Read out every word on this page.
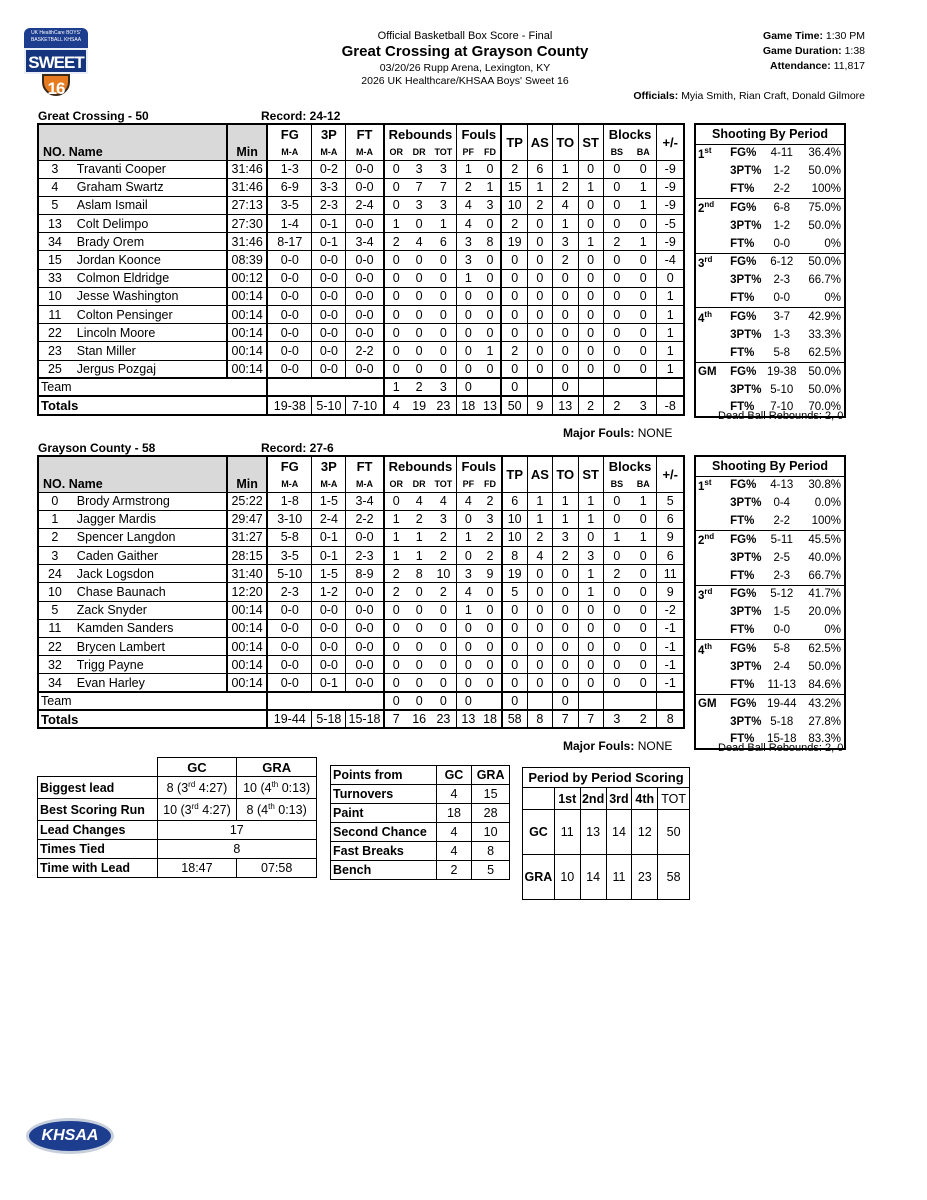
UK HealthCare BOYS' BASKETBALL KHSAA
SWEET 16
Official Basketball Box Score - Final
Great Crossing at Grayson County
03/20/26 Rupp Arena, Lexington, KY
2026 UK Healthcare/KHSAA Boys' Sweet 16
Game Time: 1:30 PM
Game Duration: 1:38
Attendance: 11,817
Officials: Myia Smith, Rian Craft, Donald Gilmore
Great Crossing - 50	Record: 24-12
			FG	3P	FT	Rebounds			Fouls		TP	AS	TO	ST	Blocks		+/-
NO. Name		Min	M-A	M-A	M-A	OR	DR	TOT	PF	FD					BS	BA	
3	Travanti Cooper	31:46	1-3	0-2	0-0	0	3	3	1	0	2	6	1	0	0	0	-9
4	Graham Swartz	31:46	6-9	3-3	0-0	0	7	7	2	1	15	1	2	1	0	1	-9
5	Aslam Ismail	27:13	3-5	2-3	2-4	0	3	3	4	3	10	2	4	0	0	1	-9
13	Colt Delimpo	27:30	1-4	0-1	0-0	1	0	1	4	0	2	0	1	0	0	0	-5
34	Brady Orem	31:46	8-17	0-1	3-4	2	4	6	3	8	19	0	3	1	2	1	-9
15	Jordan Koonce	08:39	0-0	0-0	0-0	0	0	0	3	0	0	0	2	0	0	0	-4
33	Colmon Eldridge	00:12	0-0	0-0	0-0	0	0	0	1	0	0	0	0	0	0	0	0
10	Jesse Washington	00:14	0-0	0-0	0-0	0	0	0	0	0	0	0	0	0	0	0	1
11	Colton Pensinger	00:14	0-0	0-0	0-0	0	0	0	0	0	0	0	0	0	0	0	1
22	Lincoln Moore	00:14	0-0	0-0	0-0	0	0	0	0	0	0	0	0	0	0	0	1
23	Stan Miller	00:14	0-0	0-0	2-2	0	0	0	0	1	2	0	0	0	0	0	1
25	Jergus Pozgaj	00:14	0-0	0-0	0-0	0	0	0	0	0	0	0	0	0	0	0	1
Team						1	2	3	0		0		0				
Totals			19-38	5-10	7-10	4	19	23	18	13	50	9	13	2	2	3	-8
Major Fouls: NONE
Shooting By Period			
1st	FG%	4-11	36.4%
	3PT%	1-2	50.0%
	FT%	2-2	100%
2nd	FG%	6-8	75.0%
	3PT%	1-2	50.0%
	FT%	0-0	0%
3rd	FG%	6-12	50.0%
	3PT%	2-3	66.7%
	FT%	0-0	0%
4th	FG%	3-7	42.9%
	3PT%	1-3	33.3%
	FT%	5-8	62.5%
GM	FG%	19-38	50.0%
	3PT%	5-10	50.0%
	FT%	7-10	70.0%
Dead Ball Rebounds: 2, 0
Grayson County - 58	Record: 27-6
			FG	3P	FT	Rebounds			Fouls		TP	AS	TO	ST	Blocks		+/-
NO. Name		Min	M-A	M-A	M-A	OR	DR	TOT	PF	FD					BS	BA	
0	Brody Armstrong	25:22	1-8	1-5	3-4	0	4	4	4	2	6	1	1	1	0	1	5
1	Jagger Mardis	29:47	3-10	2-4	2-2	1	2	3	0	3	10	1	1	1	0	0	6
2	Spencer Langdon	31:27	5-8	0-1	0-0	1	1	2	1	2	10	2	3	0	1	1	9
3	Caden Gaither	28:15	3-5	0-1	2-3	1	1	2	0	2	8	4	2	3	0	0	6
24	Jack Logsdon	31:40	5-10	1-5	8-9	2	8	10	3	9	19	0	0	1	2	0	11
10	Chase Baunach	12:20	2-3	1-2	0-0	2	0	2	4	0	5	0	0	1	0	0	9
5	Zack Snyder	00:14	0-0	0-0	0-0	0	0	0	1	0	0	0	0	0	0	0	-2
11	Kamden Sanders	00:14	0-0	0-0	0-0	0	0	0	0	0	0	0	0	0	0	0	-1
22	Brycen Lambert	00:14	0-0	0-0	0-0	0	0	0	0	0	0	0	0	0	0	0	-1
32	Trigg Payne	00:14	0-0	0-0	0-0	0	0	0	0	0	0	0	0	0	0	0	-1
34	Evan Harley	00:14	0-0	0-1	0-0	0	0	0	0	0	0	0	0	0	0	0	-1
Team						0	0	0	0		0		0				
Totals			19-44	5-18	15-18	7	16	23	13	18	58	8	7	7	3	2	8
Major Fouls: NONE
Shooting By Period			
1st	FG%	4-13	30.8%
	3PT%	0-4	0.0%
	FT%	2-2	100%
2nd	FG%	5-11	45.5%
	3PT%	2-5	40.0%
	FT%	2-3	66.7%
3rd	FG%	5-12	41.7%
	3PT%	1-5	20.0%
	FT%	0-0	0%
4th	FG%	5-8	62.5%
	3PT%	2-4	50.0%
	FT%	11-13	84.6%
GM	FG%	19-44	43.2%
	3PT%	5-18	27.8%
	FT%	15-18	83.3%
Dead Ball Rebounds: 2, 0
	GC	GRA
Biggest lead	8 (3rd 4:27)	10 (4th 0:13)
Best Scoring Run	10 (3rd 4:27)	8 (4th 0:13)
Lead Changes	17	
Times Tied	8	
Time with Lead	18:47	07:58
Points from	GC	GRA
Turnovers	4	15
Paint	18	28
Second Chance	4	10
Fast Breaks	4	8
Bench	2	5
Period by Period Scoring					
	1st	2nd	3rd	4th	TOT
GC	11	13	14	12	50
GRA	10	14	11	23	58
KHSAA
